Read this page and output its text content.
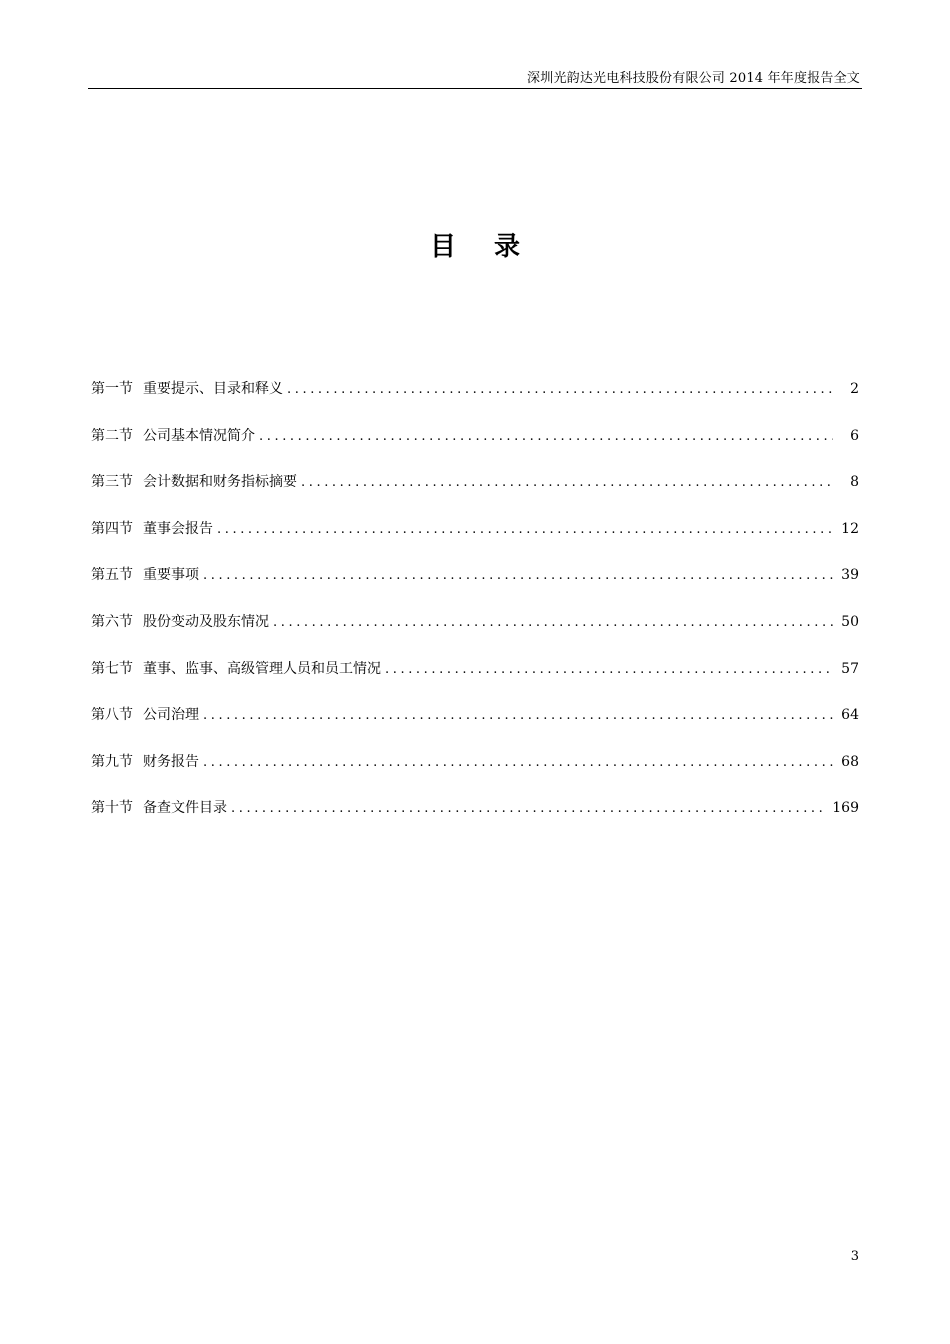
深圳光韵达光电科技股份有限公司 2014 年年度报告全文
目录
第一节 重要提示、目录和释义 .....	2
第二节 公司基本情况简介 .....	6
第三节 会计数据和财务指标摘要 .....	8
第四节 董事会报告 .....	12
第五节 重要事项 .....	39
第六节 股份变动及股东情况 .....	50
第七节 董事、监事、高级管理人员和员工情况 .....	57
第八节 公司治理 .....	64
第九节 财务报告 .....	68
第十节 备查文件目录 .....	169
3
